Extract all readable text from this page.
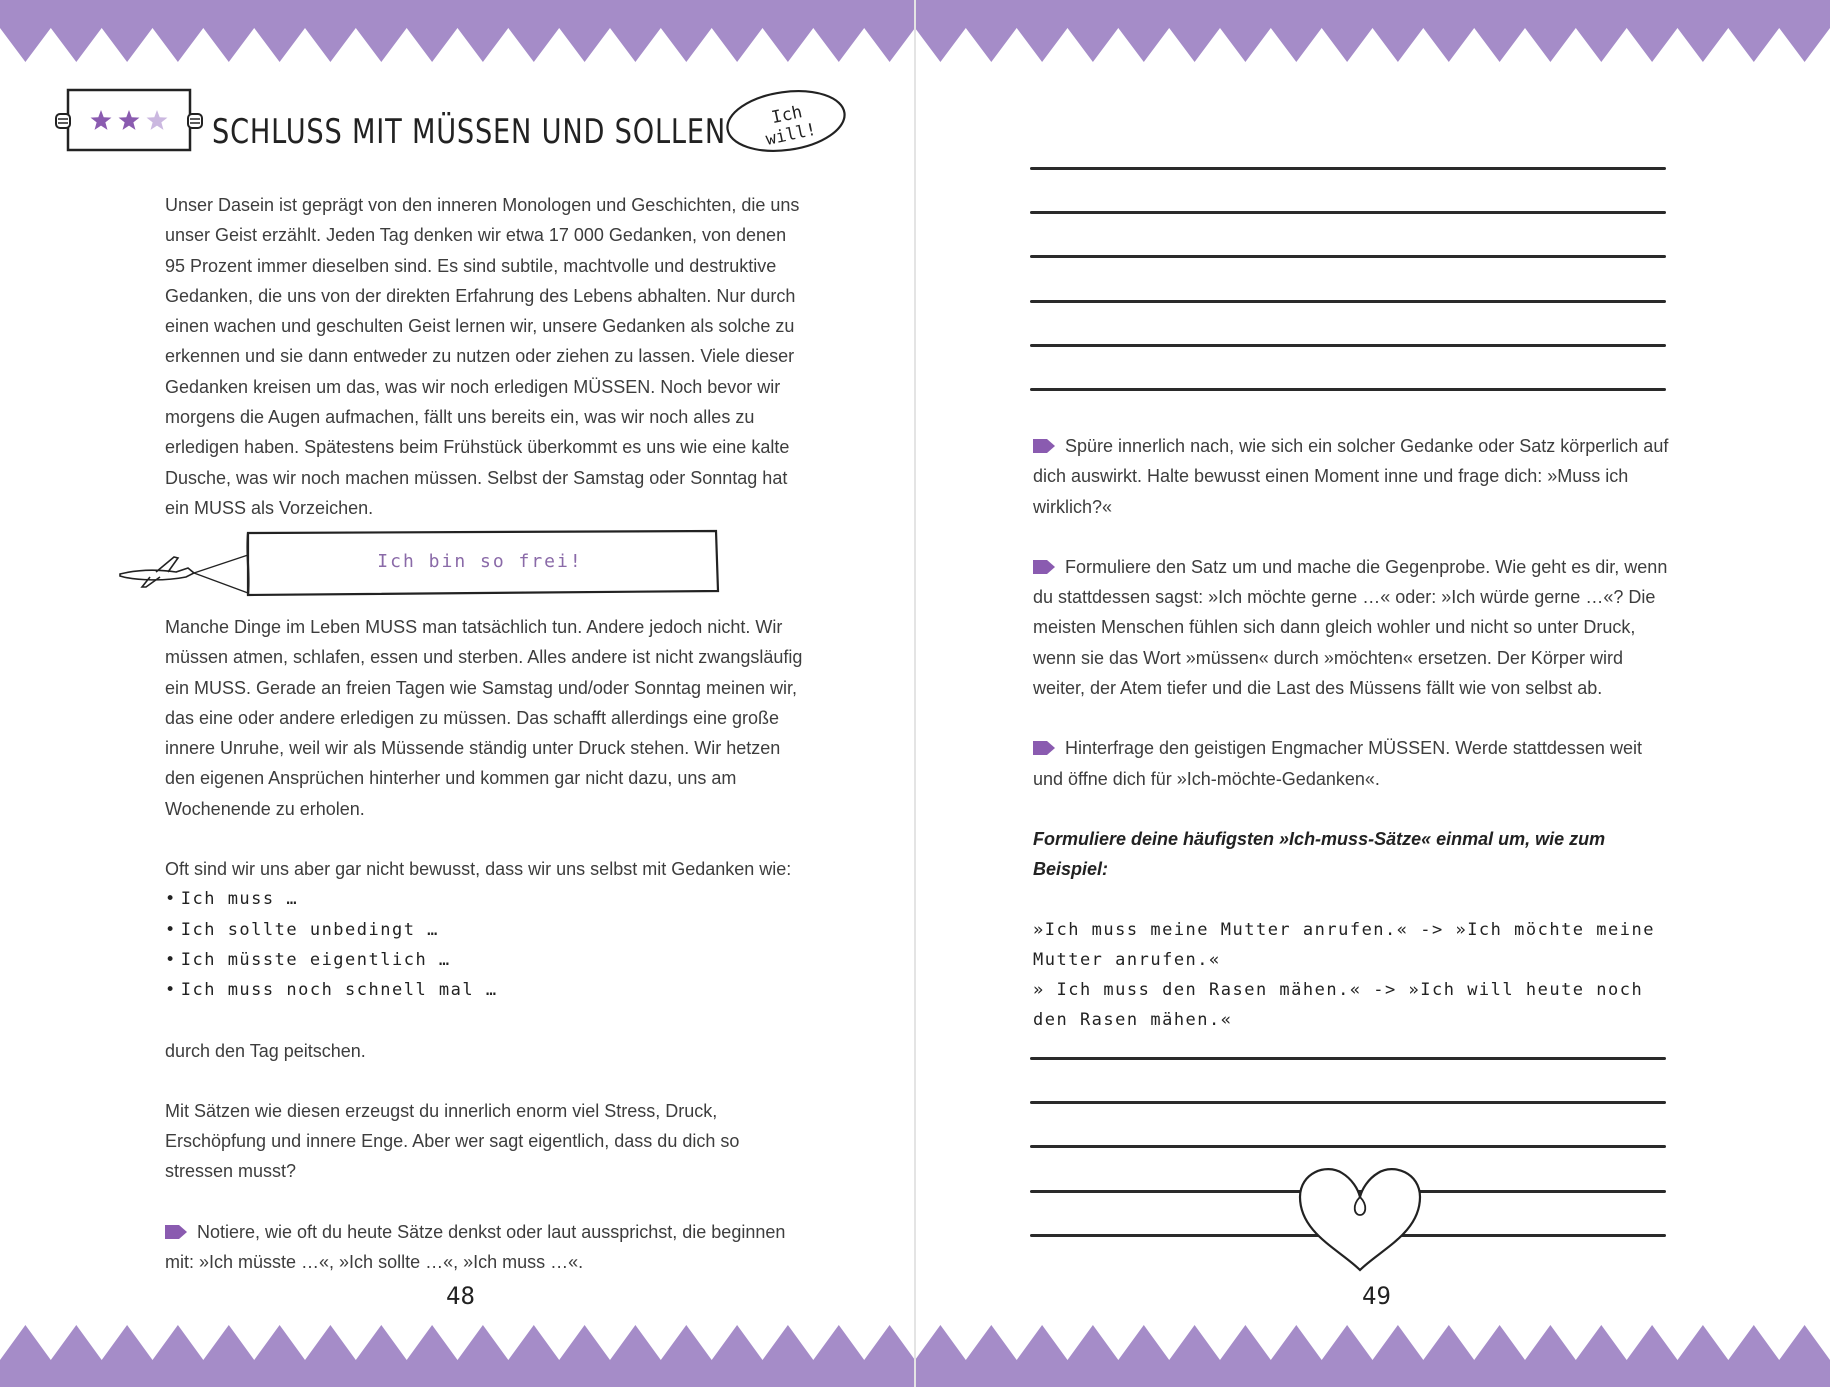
SCHLUSS MIT MÜSSEN UND SOLLEN	Ich will!

Unser Dasein ist geprägt von den inneren Monologen und Geschichten, die uns unser Geist erzählt. Jeden Tag denken wir etwa 17 000 Gedanken, von denen 95 Prozent immer dieselben sind. Es sind subtile, machtvolle und destruktive Gedanken, die uns von der direkten Erfahrung des Lebens abhalten. Nur durch einen wachen und geschulten Geist lernen wir, unsere Gedanken als solche zu erkennen und sie dann entweder zu nutzen oder ziehen zu lassen. Viele dieser Gedanken kreisen um das, was wir noch erledigen MÜSSEN. Noch bevor wir morgens die Augen aufmachen, fällt uns bereits ein, was wir noch alles zu erledigen haben. Spätestens beim Frühstück überkommt es uns wie eine kalte Dusche, was wir noch machen müssen. Selbst der Samstag oder Sonntag hat ein MUSS als Vorzeichen.

Ich bin so frei!

Manche Dinge im Leben MUSS man tatsächlich tun. Andere jedoch nicht. Wir müssen atmen, schlafen, essen und sterben. Alles andere ist nicht zwangsläufig ein MUSS. Gerade an freien Tagen wie Samstag und/oder Sonntag meinen wir, das eine oder andere erledigen zu müssen. Das schafft allerdings eine große innere Unruhe, weil wir als Müssende ständig unter Druck stehen. Wir hetzen den eigenen Ansprüchen hinterher und kommen gar nicht dazu, uns am Wochenende zu erholen.

Oft sind wir uns aber gar nicht bewusst, dass wir uns selbst mit Gedanken wie:

• Ich muss …
• Ich sollte unbedingt …
• Ich müsste eigentlich …
• Ich muss noch schnell mal …

durch den Tag peitschen.

Mit Sätzen wie diesen erzeugst du innerlich enorm viel Stress, Druck, Erschöpfung und innere Enge. Aber wer sagt eigentlich, dass du dich so stressen musst?

Notiere, wie oft du heute Sätze denkst oder laut aussprichst, die beginnen mit: »Ich müsste …«, »Ich sollte …«, »Ich muss …«.

48

Spüre innerlich nach, wie sich ein solcher Gedanke oder Satz körperlich auf dich auswirkt. Halte bewusst einen Moment inne und frage dich: »Muss ich wirklich?«

Formuliere den Satz um und mache die Gegenprobe. Wie geht es dir, wenn du stattdessen sagst: »Ich möchte gerne …« oder: »Ich würde gerne …«? Die meisten Menschen fühlen sich dann gleich wohler und nicht so unter Druck, wenn sie das Wort »müssen« durch »möchten« ersetzen. Der Körper wird weiter, der Atem tiefer und die Last des Müssens fällt wie von selbst ab.

Hinterfrage den geistigen Engmacher MÜSSEN. Werde stattdessen weit und öffne dich für »Ich-möchte-Gedanken«.

Formuliere deine häufigsten »Ich-muss-Sätze« einmal um, wie zum Beispiel:

»Ich muss meine Mutter anrufen.« -> »Ich möchte meine Mutter anrufen.«

» Ich muss den Rasen mähen.« -> »Ich will heute noch den Rasen mähen.«

49
